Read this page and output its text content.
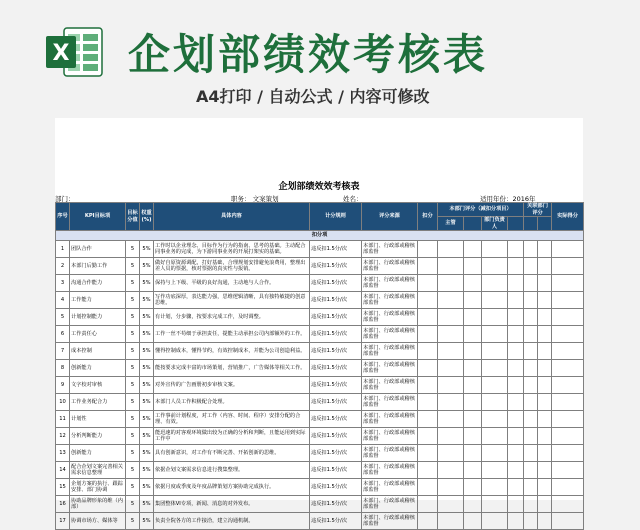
X 企划部绩效考核表
A4打印 / 自动公式 / 内容可修改
企划部绩效效考核表
部门：	职务： 文案策划	姓名：	适用年份：2016年
序号	KPI目标项	目标分值	权重(%)	具体内容	计分规则	评分来源	扣分	本部门评分（减扣分项目）				关联部门评分		实际得分
								主管		部门负责人				
扣分项														
1	团队合作	5	5%	工作时以企业理念、目标作为行为的指南、思考的基础。主动配合同事业务的完成，为下游同事业务的开展打架实的基础。	违反扣1.5分/次	本部门、行政部或稽核部监督								
2	本部门后勤工作	5	5%	做好自原资源调配，打好基础，合理规划安排避免浪费用，整理出差人员的票据，核对票据的真实性与报销。	违反扣1.5分/次	本部门、行政部或稽核部监督								
3	沟通合作能力	5	5%	保持与上下级、平级的良好沟通，主动地与人合作。	违反扣1.5分/次	本部门、行政部或稽核部监督								
4	工作能力	5	5%	写作功底深厚，表达能力强，思维逻辑清晰，具有独特敏捷的创意思维。	违反扣1.5分/次	本部门、行政部或稽核部监督								
5	计划控制能力	5	5%	有计划，分步骤，按要求完成工作，及时调整。	违反扣1.5分/次	本部门、行政部或稽核部监督								
6	工作责任心	5	5%	工作一丝不苟细于承担责任，提能主动承担公司内部额外的工作。	违反扣1.5分/次	本部门、行政部或稽核部监督								
7	成本控制	5	5%	懂得控制成本，懂得节约，有效控制成本，并能为公司创造利益。	违反扣1.5分/次	本部门、行政部或稽核部监督								
8	创新能力	5	5%	能按要求完成丰富的市场策划，营销推广，广告媒体等相关工作。	违反扣1.5分/次	本部门、行政部或稽核部监督								
9	文字校对审核	5	5%	对外宣传的广告画册初步审核文案。	违反扣1.5分/次	本部门、行政部或稽核部监督								
10	工作业务配合力	5	5%	本部门人员工作积极配合处理。	违反扣1.5分/次	本部门、行政部或稽核部监督								
11	计划性	5	5%	工作事前计划程度，对工作（内容、时间、程序）安排分配的合理、有效。	违反扣1.5分/次	本部门、行政部或稽核部监督								
12	分析判断能力	5	5%	能迅速的对客观环境做出较为正确的分析和判断，且能运用到实际工作中	违反扣1.5分/次	本部门、行政部或稽核部监督								
13	创新能力	5	5%	具有创新意识，对工作有不断完善、开拓创新的思维。	违反扣1.5分/次	本部门、行政部或稽核部监督								
14	配合企划文案完善相关需求信息整理	5	5%	依据企划文案需求信息进行搜集整理。	违反扣1.5分/次	本部门、行政部或稽核部监督								
15	企划方案的执行、跟踪安排、部门协调	5	5%	依据月度或季度及年度品牌策划方案协助完成执行。	违反扣1.5分/次	本部门、行政部或稽核部监督								
16	协助品牌形象的维（内部）	5	5%	集团整体VI专项，新闻、消息的对外发布。	违反扣1.5分/次	本部门、行政部或稽核部监督								
17	协调市场方、媒体等	5	5%	负责全院各方的工作接洽，建立沟通机制。	违反扣1.5分/次	本部门、行政部或稽核部监督								
